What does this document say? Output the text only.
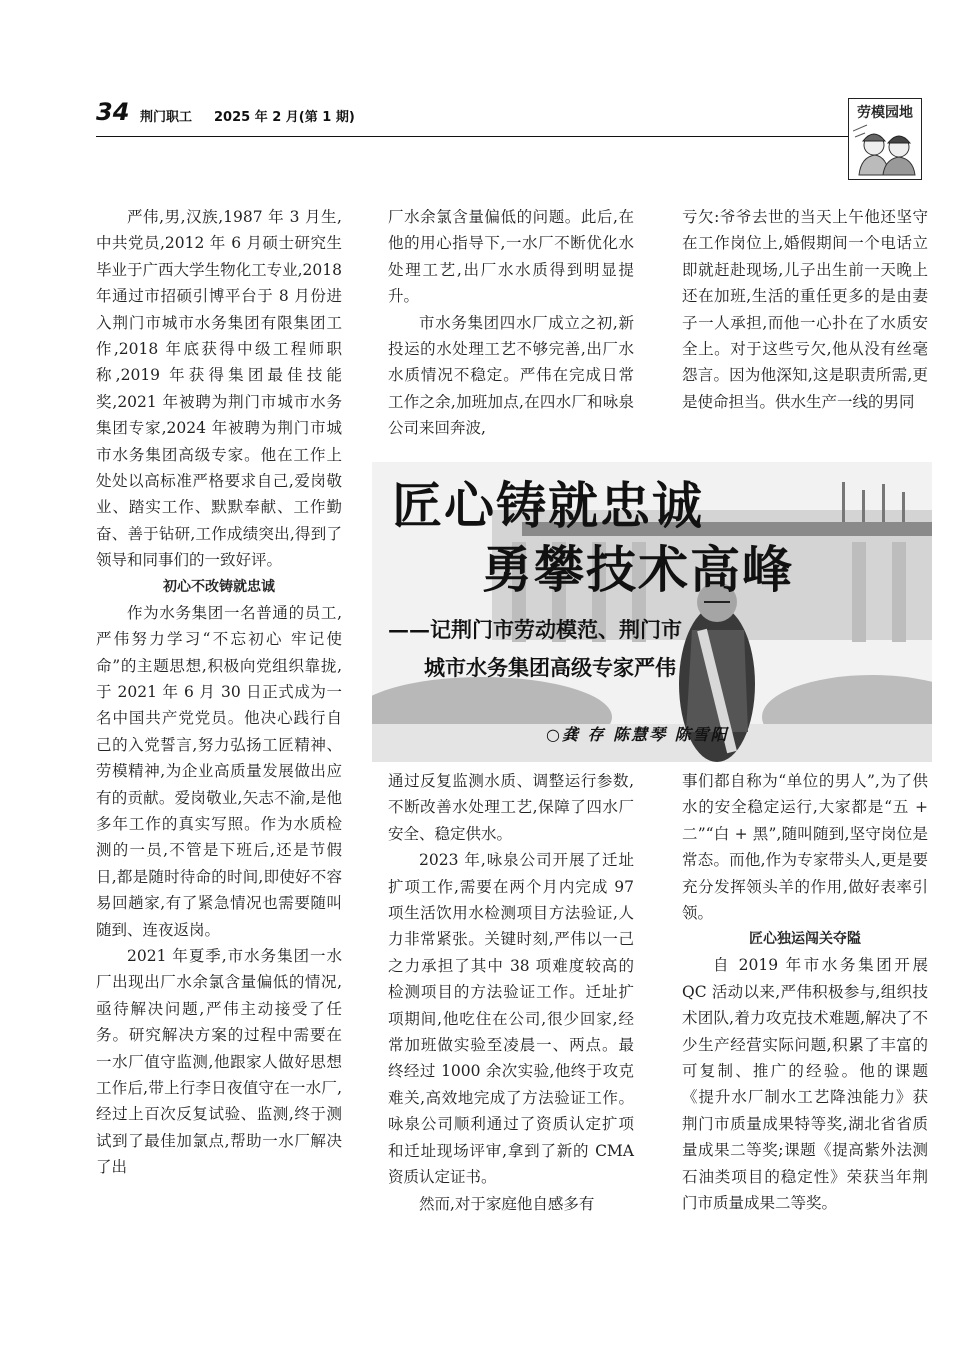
34 荆门职工 2025 年 2 月(第 1 期)	劳模园地

严伟,男,汉族,1987 年 3 月生,中共党员,2012 年 6 月硕士研究生毕业于广西大学生物化工专业,2018 年通过市招硕引博平台于 8 月份进入荆门市城市水务集团有限集团工作,2018 年底获得中级工程师职称,2019 年获得集团最佳技能奖,2021 年被聘为荆门市城市水务集团专家,2024 年被聘为荆门市城市水务集团高级专家。他在工作上处处以高标准严格要求自己,爱岗敬业、踏实工作、默默奉献、工作勤奋、善于钻研,工作成绩突出,得到了领导和同事们的一致好评。

初心不改铸就忠诚

作为水务集团一名普通的员工,严伟努力学习“不忘初心 牢记使命”的主题思想,积极向党组织靠拢,于 2021 年 6 月 30 日正式成为一名中国共产党党员。他决心践行自己的入党誓言,努力弘扬工匠精神、劳模精神,为企业高质量发展做出应有的贡献。爱岗敬业,矢志不渝,是他多年工作的真实写照。作为水质检测的一员,不管是下班后,还是节假日,都是随时待命的时间,即使好不容易回趟家,有了紧急情况也需要随叫随到、连夜返岗。

2021 年夏季,市水务集团一水厂出现出厂水余氯含量偏低的情况,亟待解决问题,严伟主动接受了任务。研究解决方案的过程中需要在一水厂值守监测,他跟家人做好思想工作后,带上行李日夜值守在一水厂,经过上百次反复试验、监测,终于测试到了最佳加氯点,帮助一水厂解决了出

厂水余氯含量偏低的问题。此后,在他的用心指导下,一水厂不断优化水处理工艺,出厂水水质得到明显提升。

市水务集团四水厂成立之初,新投运的水处理工艺不够完善,出厂水水质情况不稳定。严伟在完成日常工作之余,加班加点,在四水厂和咏泉公司来回奔波,

亏欠:爷爷去世的当天上午他还坚守在工作岗位上,婚假期间一个电话立即就赶赴现场,儿子出生前一天晚上还在加班,生活的重任更多的是由妻子一人承担,而他一心扑在了水质安全上。对于这些亏欠,他从没有丝毫怨言。因为他深知,这是职责所需,更是使命担当。供水生产一线的男同

匠心铸就忠诚
勇攀技术高峰
——记荆门市劳动模范、荆门市
城市水务集团高级专家严伟
○龚 存 陈慧琴 陈雪阳

通过反复监测水质、调整运行参数,不断改善水处理工艺,保障了四水厂安全、稳定供水。

2023 年,咏泉公司开展了迁址扩项工作,需要在两个月内完成 97 项生活饮用水检测项目方法验证,人力非常紧张。关键时刻,严伟以一己之力承担了其中 38 项难度较高的检测项目的方法验证工作。迁址扩项期间,他吃住在公司,很少回家,经常加班做实验至凌晨一、两点。最终经过 1000 余次实验,他终于攻克难关,高效地完成了方法验证工作。咏泉公司顺利通过了资质认定扩项和迁址现场评审,拿到了新的 CMA 资质认定证书。

然而,对于家庭他自感多有

事们都自称为“单位的男人”,为了供水的安全稳定运行,大家都是“五 + 二”“白 + 黑”,随叫随到,坚守岗位是常态。而他,作为专家带头人,更是要充分发挥领头羊的作用,做好表率引领。

匠心独运闯关夺隘

自 2019 年市水务集团开展 QC 活动以来,严伟积极参与,组织技术团队,着力攻克技术难题,解决了不少生产经营实际问题,积累了丰富的可复制、推广的经验。他的课题《提升水厂制水工艺降浊能力》获荆门市质量成果特等奖,湖北省省质量成果二等奖;课题《提高紫外法测石油类项目的稳定性》荣获当年荆门市质量成果二等奖。
